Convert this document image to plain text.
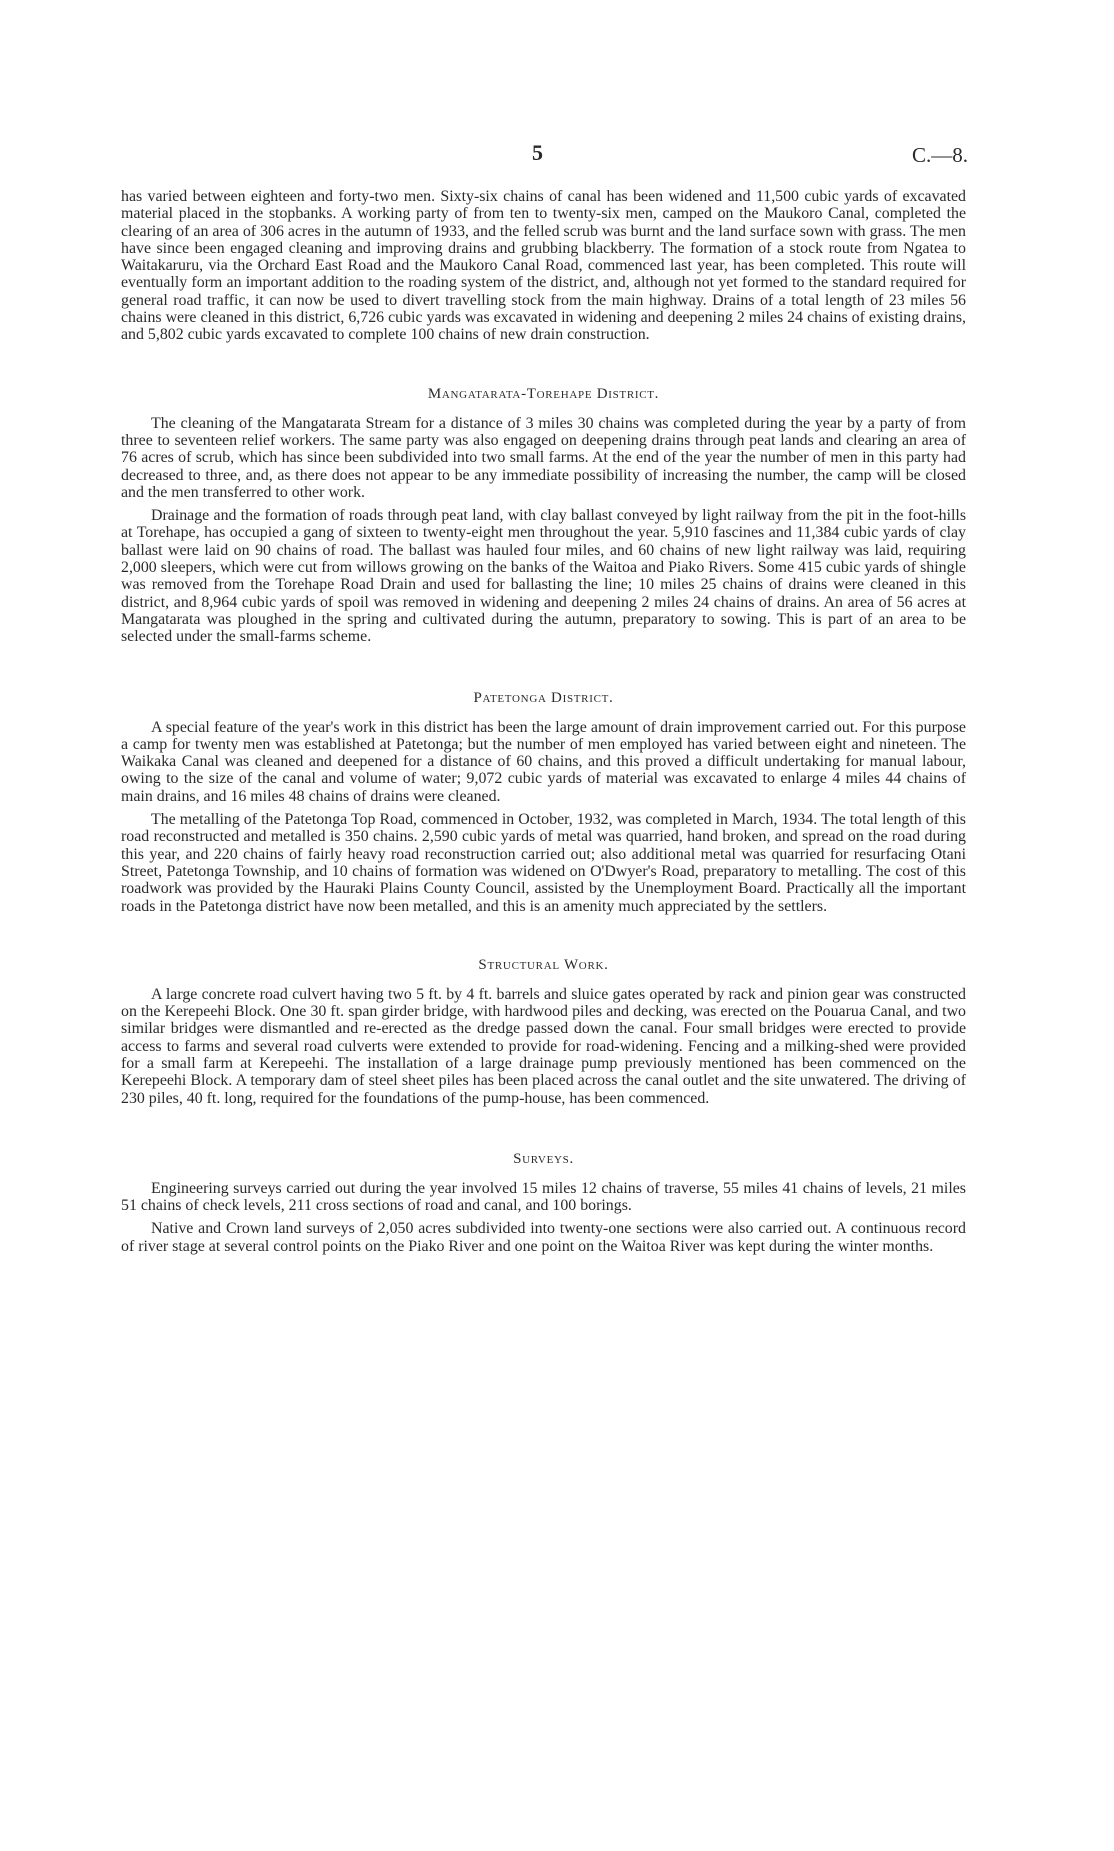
5	C.—8.

has varied between eighteen and forty-two men. Sixty-six chains of canal has been widened and 11,500 cubic yards of excavated material placed in the stopbanks. A working party of from ten to twenty-six men, camped on the Maukoro Canal, completed the clearing of an area of 306 acres in the autumn of 1933, and the felled scrub was burnt and the land surface sown with grass. The men have since been engaged cleaning and improving drains and grubbing blackberry. The formation of a stock route from Ngatea to Waitakaruru, via the Orchard East Road and the Maukoro Canal Road, commenced last year, has been completed. This route will eventually form an important addition to the roading system of the district, and, although not yet formed to the standard required for general road traffic, it can now be used to divert travelling stock from the main highway. Drains of a total length of 23 miles 56 chains were cleaned in this district, 6,726 cubic yards was excavated in widening and deepening 2 miles 24 chains of existing drains, and 5,802 cubic yards excavated to complete 100 chains of new drain construction.

Mangatarata-Torehape District.

The cleaning of the Mangatarata Stream for a distance of 3 miles 30 chains was completed during the year by a party of from three to seventeen relief workers. The same party was also engaged on deepening drains through peat lands and clearing an area of 76 acres of scrub, which has since been subdivided into two small farms. At the end of the year the number of men in this party had decreased to three, and, as there does not appear to be any immediate possibility of increasing the number, the camp will be closed and the men transferred to other work.

Drainage and the formation of roads through peat land, with clay ballast conveyed by light railway from the pit in the foot-hills at Torehape, has occupied a gang of sixteen to twenty-eight men throughout the year. 5,910 fascines and 11,384 cubic yards of clay ballast were laid on 90 chains of road. The ballast was hauled four miles, and 60 chains of new light railway was laid, requiring 2,000 sleepers, which were cut from willows growing on the banks of the Waitoa and Piako Rivers. Some 415 cubic yards of shingle was removed from the Torehape Road Drain and used for ballasting the line; 10 miles 25 chains of drains were cleaned in this district, and 8,964 cubic yards of spoil was removed in widening and deepening 2 miles 24 chains of drains. An area of 56 acres at Mangatarata was ploughed in the spring and cultivated during the autumn, preparatory to sowing. This is part of an area to be selected under the small-farms scheme.

Patetonga District.

A special feature of the year's work in this district has been the large amount of drain improvement carried out. For this purpose a camp for twenty men was established at Patetonga; but the number of men employed has varied between eight and nineteen. The Waikaka Canal was cleaned and deepened for a distance of 60 chains, and this proved a difficult undertaking for manual labour, owing to the size of the canal and volume of water; 9,072 cubic yards of material was excavated to enlarge 4 miles 44 chains of main drains, and 16 miles 48 chains of drains were cleaned.

The metalling of the Patetonga Top Road, commenced in October, 1932, was completed in March, 1934. The total length of this road reconstructed and metalled is 350 chains. 2,590 cubic yards of metal was quarried, hand broken, and spread on the road during this year, and 220 chains of fairly heavy road reconstruction carried out; also additional metal was quarried for resurfacing Otani Street, Patetonga Township, and 10 chains of formation was widened on O'Dwyer's Road, preparatory to metalling. The cost of this roadwork was provided by the Hauraki Plains County Council, assisted by the Unemployment Board. Practically all the important roads in the Patetonga district have now been metalled, and this is an amenity much appreciated by the settlers.

Structural Work.

A large concrete road culvert having two 5 ft. by 4 ft. barrels and sluice gates operated by rack and pinion gear was constructed on the Kerepeehi Block. One 30 ft. span girder bridge, with hardwood piles and decking, was erected on the Pouarua Canal, and two similar bridges were dismantled and re-erected as the dredge passed down the canal. Four small bridges were erected to provide access to farms and several road culverts were extended to provide for road-widening. Fencing and a milking-shed were provided for a small farm at Kerepeehi. The installation of a large drainage pump previously mentioned has been commenced on the Kerepeehi Block. A temporary dam of steel sheet piles has been placed across the canal outlet and the site unwatered. The driving of 230 piles, 40 ft. long, required for the foundations of the pump-house, has been commenced.

Surveys.

Engineering surveys carried out during the year involved 15 miles 12 chains of traverse, 55 miles 41 chains of levels, 21 miles 51 chains of check levels, 211 cross sections of road and canal, and 100 borings.

Native and Crown land surveys of 2,050 acres subdivided into twenty-one sections were also carried out. A continuous record of river stage at several control points on the Piako River and one point on the Waitoa River was kept during the winter months.
